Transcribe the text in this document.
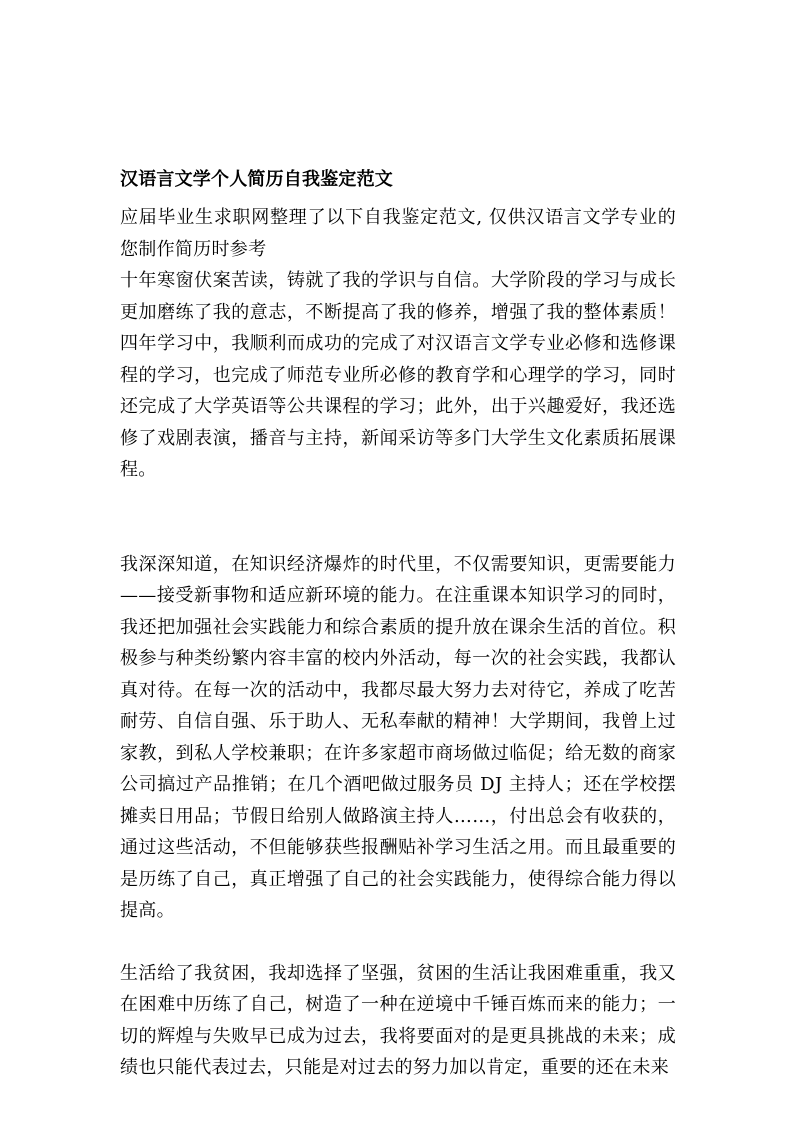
汉语言文学个人简历自我鉴定范文

应届毕业生求职网整理了以下自我鉴定范文, 仅供汉语言文学专业的您制作简历时参考

十年寒窗伏案苦读，铸就了我的学识与自信。大学阶段的学习与成长更加磨练了我的意志，不断提高了我的修养，增强了我的整体素质！四年学习中，我顺利而成功的完成了对汉语言文学专业必修和选修课程的学习，也完成了师范专业所必修的教育学和心理学的学习，同时还完成了大学英语等公共课程的学习；此外，出于兴趣爱好，我还选修了戏剧表演，播音与主持，新闻采访等多门大学生文化素质拓展课程。

我深深知道，在知识经济爆炸的时代里，不仅需要知识，更需要能力——接受新事物和适应新环境的能力。在注重课本知识学习的同时，我还把加强社会实践能力和综合素质的提升放在课余生活的首位。积极参与种类纷繁内容丰富的校内外活动，每一次的社会实践，我都认真对待。在每一次的活动中，我都尽最大努力去对待它，养成了吃苦耐劳、自信自强、乐于助人、无私奉献的精神！大学期间，我曾上过家教，到私人学校兼职；在许多家超市商场做过临促；给无数的商家公司搞过产品推销；在几个酒吧做过服务员 DJ 主持人；还在学校摆摊卖日用品；节假日给别人做路演主持人……，付出总会有收获的，通过这些活动，不但能够获些报酬贴补学习生活之用。而且最重要的是历练了自己，真正增强了自己的社会实践能力，使得综合能力得以提高。

生活给了我贫困，我却选择了坚强，贫困的生活让我困难重重，我又在困难中历练了自己，树造了一种在逆境中千锤百炼而来的能力；一切的辉煌与失败早已成为过去，我将要面对的是更具挑战的未来；成绩也只能代表过去，只能是对过去的努力加以肯定，重要的还在未来
